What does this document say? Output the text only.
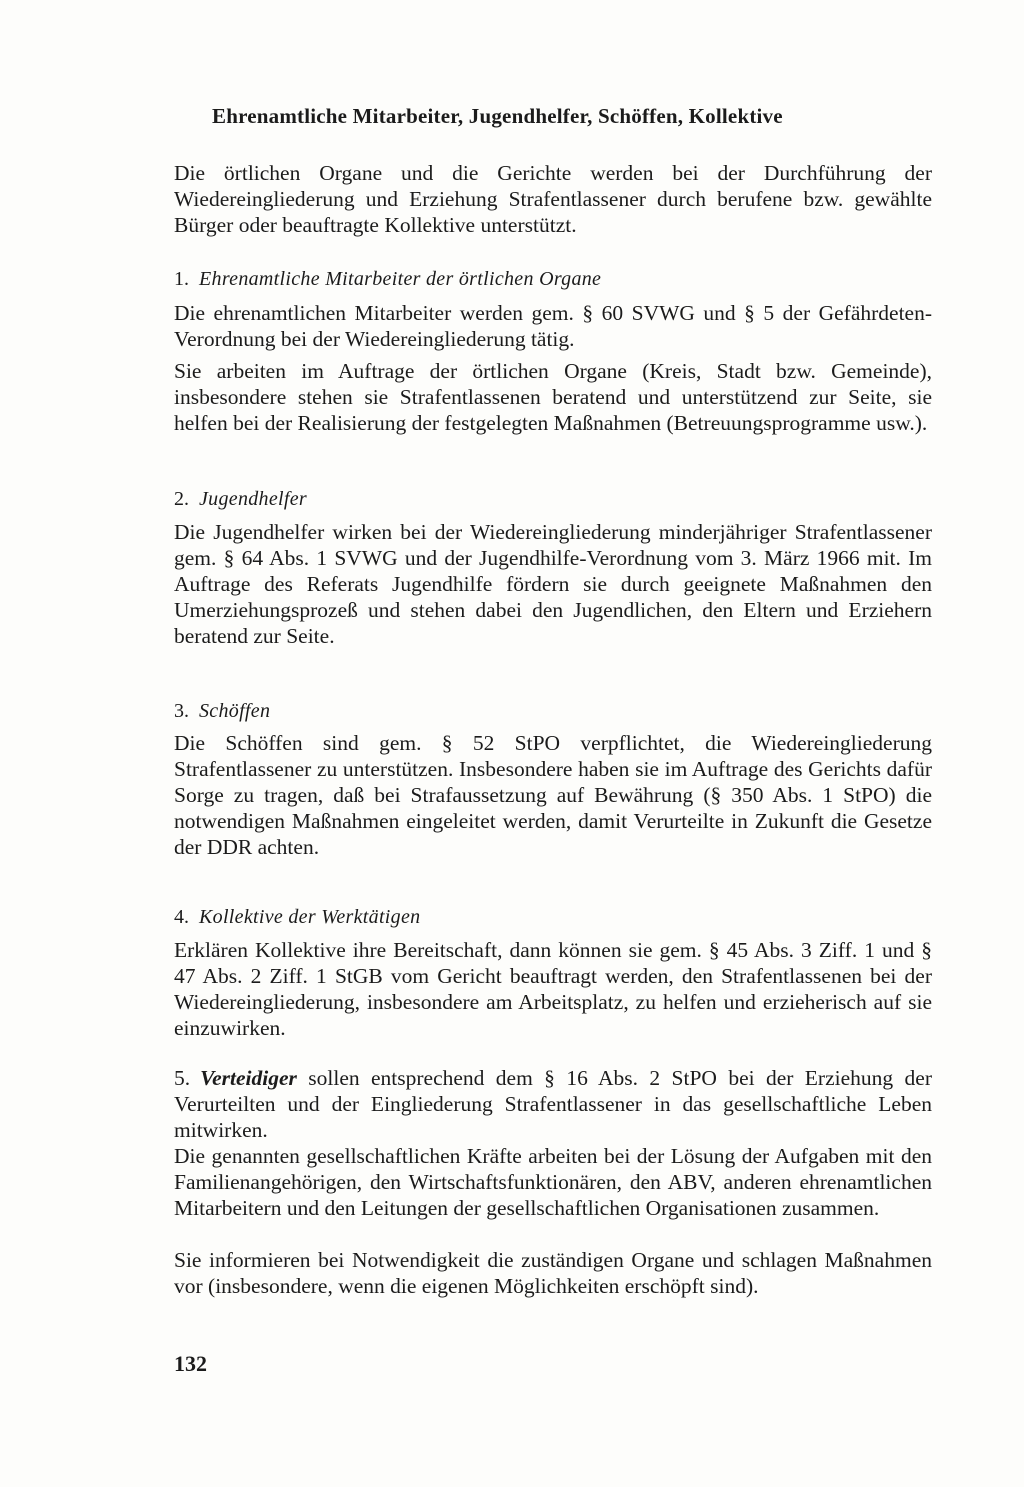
Ehrenamtliche Mitarbeiter, Jugendhelfer, Schöffen, Kollektive

Die örtlichen Organe und die Gerichte werden bei der Durchführung der Wiedereingliederung und Erziehung Strafentlassener durch berufene bzw. gewählte Bürger oder beauftragte Kollektive unterstützt.

1. Ehrenamtliche Mitarbeiter der örtlichen Organe

Die ehrenamtlichen Mitarbeiter werden gem. § 60 SVWG und § 5 der Gefährdeten-Verordnung bei der Wiedereingliederung tätig.

Sie arbeiten im Auftrage der örtlichen Organe (Kreis, Stadt bzw. Gemeinde), insbesondere stehen sie Strafentlassenen beratend und unterstützend zur Seite, sie helfen bei der Realisierung der festgelegten Maßnahmen (Betreuungsprogramme usw.).

2. Jugendhelfer

Die Jugendhelfer wirken bei der Wiedereingliederung minderjähriger Strafentlassener gem. § 64 Abs. 1 SVWG und der Jugendhilfe-Verordnung vom 3. März 1966 mit. Im Auftrage des Referats Jugendhilfe fördern sie durch geeignete Maßnahmen den Umerziehungsprozeß und stehen dabei den Jugendlichen, den Eltern und Erziehern beratend zur Seite.

3. Schöffen

Die Schöffen sind gem. § 52 StPO verpflichtet, die Wiedereingliederung Strafentlassener zu unterstützen. Insbesondere haben sie im Auftrage des Gerichts dafür Sorge zu tragen, daß bei Strafaussetzung auf Bewährung (§ 350 Abs. 1 StPO) die notwendigen Maßnahmen eingeleitet werden, damit Verurteilte in Zukunft die Gesetze der DDR achten.

4. Kollektive der Werktätigen

Erklären Kollektive ihre Bereitschaft, dann können sie gem. § 45 Abs. 3 Ziff. 1 und § 47 Abs. 2 Ziff. 1 StGB vom Gericht beauftragt werden, den Strafentlassenen bei der Wiedereingliederung, insbesondere am Arbeitsplatz, zu helfen und erzieherisch auf sie einzuwirken.

5. Verteidiger sollen entsprechend dem § 16 Abs. 2 StPO bei der Erziehung der Verurteilten und der Eingliederung Strafentlassener in das gesellschaftliche Leben mitwirken.

Die genannten gesellschaftlichen Kräfte arbeiten bei der Lösung der Aufgaben mit den Familienangehörigen, den Wirtschaftsfunktionären, den ABV, anderen ehrenamtlichen Mitarbeitern und den Leitungen der gesellschaftlichen Organisationen zusammen.

Sie informieren bei Notwendigkeit die zuständigen Organe und schlagen Maßnahmen vor (insbesondere, wenn die eigenen Möglichkeiten erschöpft sind).

132
